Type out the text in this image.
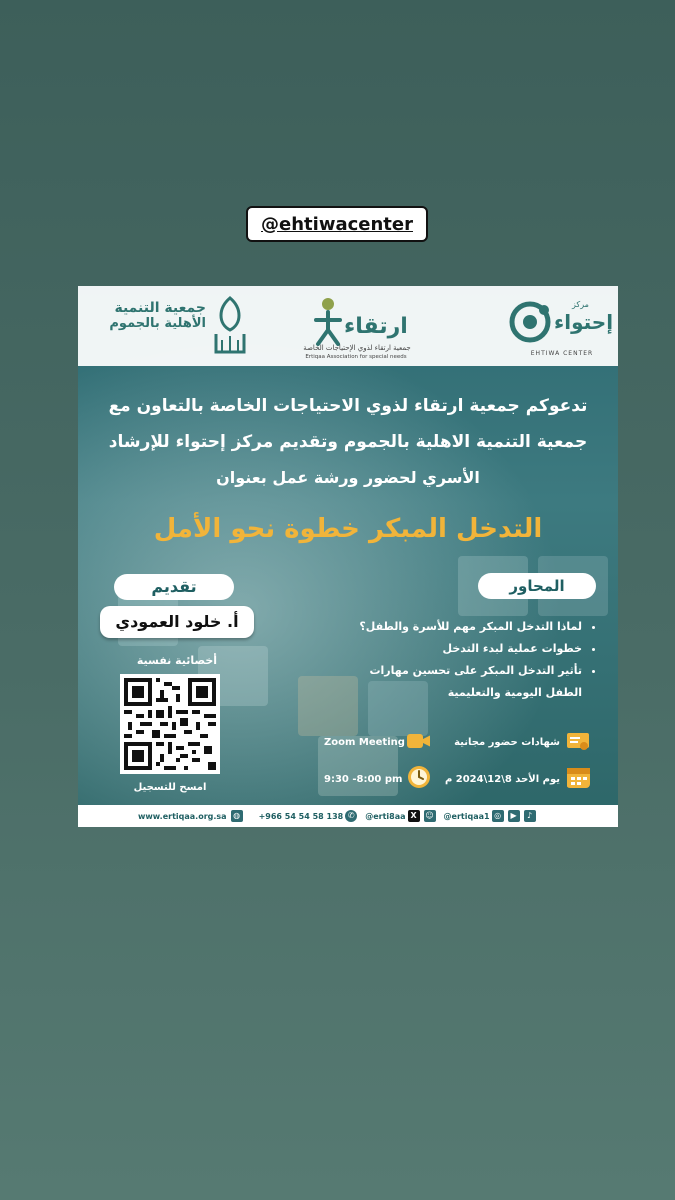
@ehtiwacenter
جمعية التنمية
الأهلية بالجموم	ارتقاء
جمعية ارتقاء لذوي الإحتياجات الخاصة
Ertiqaa Association for special needs
مركز
إحتواء
EHTIWA CENTER
تدعوكم جمعية ارتقاء لذوي الاحتياجات الخاصة بالتعاون مع
جمعية التنمية الاهلية بالجموم وتقديم مركز إحتواء للإرشاد
الأسري لحضور ورشة عمل بعنوان
التدخل المبكر خطوة نحو الأمل
المحاور
• لماذا التدخل المبكر مهم للأسرة والطفل؟
• خطوات عملية لبدء التدخل
• تأثير التدخل المبكر على تحسين مهارات الطفل اليومية والتعليمية
تقديم
أ. خلود العمودي
أخصائية نفسية
امسح للتسجيل
شهادات حضور مجانية
Zoom Meeting
يوم الأحد 8\12\2024 م
9:30 -8:00 pm
www.ertiqaa.org.sa ◍	+966 54 54 58 138 ✆	@erti8aa X	☺ @ertiqaa1 ◎	▶	♪
